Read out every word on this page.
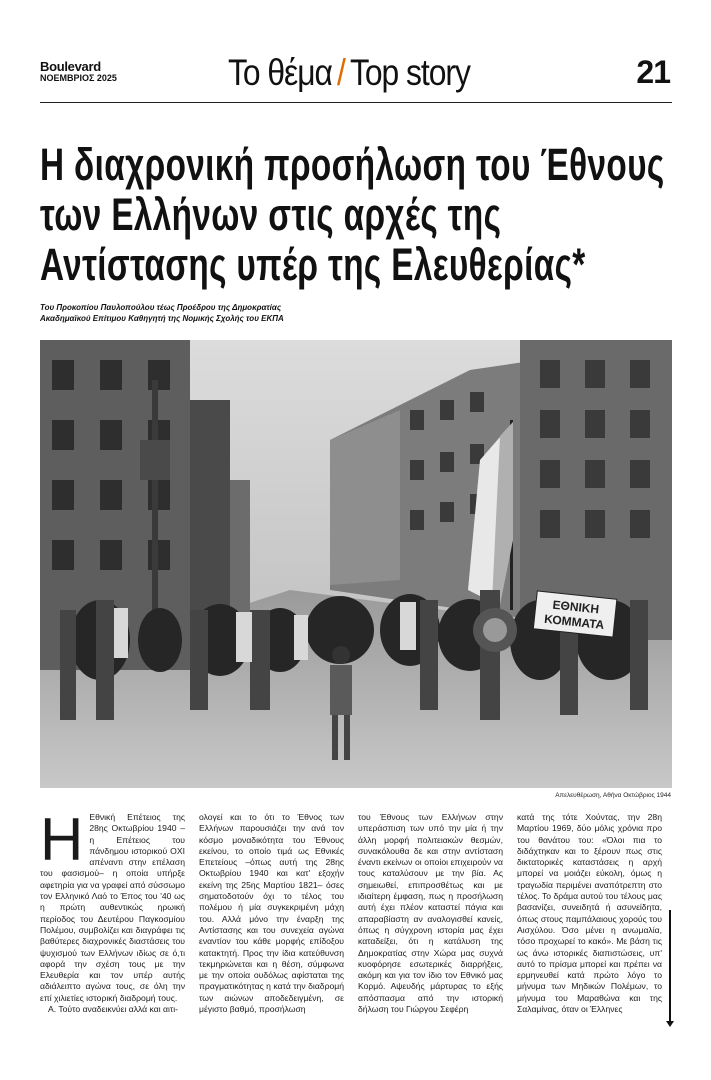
Boulevard
ΝΟΕΜΒΡΙΟΣ 2025	Το θέμα / Top story	21
Η διαχρονική προσήλωση του Έθνους των Ελλήνων στις αρχές της Αντίστασης υπέρ της Ελευθερίας*

Του Προκοπίου Παυλοπούλου τέως Προέδρου της Δημοκρατίας

Ακαδημαϊκού Επίτιμου Καθηγητή της Νομικής Σχολής του ΕΚΠΑ

ΕΘΝΙΚΗ
ΚΟΜΜΑΤΑ
Απελευθέρωση, Αθήνα Οκτώβριος 1944
Η Εθνική Επέτειος της 28ης Οκτωβρίου 1940 –η Επέτειος του πάνδημου ιστορικού ΟΧΙ απέναντι στην επέλαση του φασισμού– η οποία υπήρξε αφετηρία για να γραφεί από σύσσωμο τον Ελληνικό Λαό το Έπος του '40 ως η πρώτη αυθεντικώς ηρωική περίοδος του Δευτέρου Παγκοσμίου Πολέμου, συμβολίζει και διαγράφει τις βαθύτερες διαχρονικές διαστάσεις του ψυχισμού των Ελλήνων ιδίως σε ό,τι αφορά την σχέση τους με την Ελευθερία και τον υπέρ αυτής αδιάλειπτο αγώνα τους, σε όλη την επί χιλιετίες ιστορική διαδρομή τους.

Α. Τούτο αναδεικνύει αλλά και αιτι-

ολογεί και το ότι το Έθνος των Ελλήνων παρουσιάζει την ανά τον κόσμο μοναδικότητα του Έθνους εκείνου, το οποίο τιμά ως Εθνικές Επετείους –όπως αυτή της 28ης Οκτωβρίου 1940 και κατ' εξοχήν εκείνη της 25ης Μαρτίου 1821– όσες σηματοδοτούν όχι το τέλος του πολέμου ή μία συγκεκριμένη μάχη του. Αλλά μόνο την έναρξη της Αντίστασης και του συνεχεία αγώνα εναντίον του κάθε μορφής επίδοξου κατακτητή. Προς την ίδια κατεύθυνση τεκμηριώνεται και η θέση, σύμφωνα με την οποία ουδόλως αφίσταται της πραγματικότητας η κατά την διαδρομή των αιώνων αποδεδειγμένη, σε μέγιστο βαθμό, προσήλωση

του Έθνους των Ελλήνων στην υπεράσπιση των υπό την μία ή την άλλη μορφή πολιτειακών θεσμών, συνακόλουθα δε και στην αντίσταση έναντι εκείνων οι οποίοι επιχειρούν να τους καταλύσουν με την βία. Ας σημειωθεί, επιπροσθέτως και με ιδιαίτερη έμφαση, πως η προσήλωση αυτή έχει πλέον καταστεί πάγια και απαραβίαστη αν αναλογισθεί κανείς, όπως η σύγχρονη ιστορία μας έχει καταδείξει, ότι η κατάλυση της Δημοκρατίας στην Χώρα μας συχνά κυοφόρησε εσωτερικές διαρρήξεις, ακόμη και για τον ίδιο τον Εθνικό μας Κορμό. Αψευδής μάρτυρας το εξής απόσπασμα από την ιστορική δήλωση του Γιώργου Σεφέρη

κατά της τότε Χούντας, την 28η Μαρτίου 1969, δύο μόλις χρόνια προ του θανάτου του: «Όλοι πια το διδάχτηκαν και το ξέρουν πως στις δικτατορικές καταστάσεις η αρχή μπορεί να μοιάζει εύκολη, όμως η τραγωδία περιμένει αναπότρεπτη στο τέλος. Το δράμα αυτού του τέλους μας βασανίζει, συνειδητά ή ασυνείδητα, όπως στους παμπάλαιους χορούς του Αισχύλου. Όσο μένει η ανωμαλία, τόσο προχωρεί το κακό». Με βάση τις ως άνω ιστορικές διαπιστώσεις, υπ' αυτό το πρίσμα μπορεί και πρέπει να ερμηνευθεί κατά πρώτο λόγο το μήνυμα των Μηδικών Πολέμων, το μήνυμα του Μαραθώνα και της Σαλαμίνας, όταν οι Έλληνες
